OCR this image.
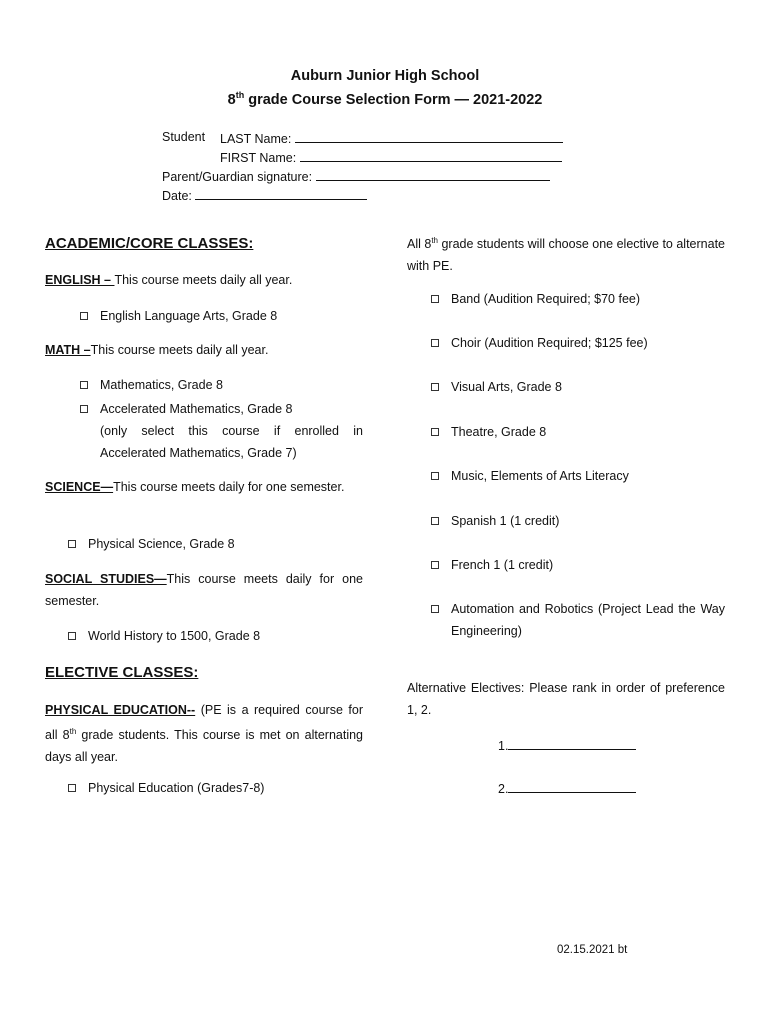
Auburn Junior High School
8th grade Course Selection Form — 2021-2022
Student LAST Name:
FIRST Name:
Parent/Guardian signature:
Date:
ACADEMIC/CORE CLASSES:
ENGLISH – This course meets daily all year.
English Language Arts, Grade 8
MATH –This course meets daily all year.
Mathematics, Grade 8
Accelerated Mathematics, Grade 8
(only select this course if enrolled in Accelerated Mathematics, Grade 7)
SCIENCE—This course meets daily for one semester.
Physical Science, Grade 8
SOCIAL STUDIES—This course meets daily for one semester.
World History to 1500, Grade 8
ELECTIVE CLASSES:
PHYSICAL EDUCATION-- (PE is a required course for all 8th grade students. This course is met on alternating days all year.
Physical Education (Grades7-8)
All 8th grade students will choose one elective to alternate with PE.
Band (Audition Required; $70 fee)
Choir (Audition Required; $125 fee)
Visual Arts, Grade 8
Theatre, Grade 8
Music, Elements of Arts Literacy
Spanish 1 (1 credit)
French 1 (1 credit)
Automation and Robotics (Project Lead the Way Engineering)
Alternative Electives: Please rank in order of preference 1, 2.
1.
2.
02.15.2021 bt
